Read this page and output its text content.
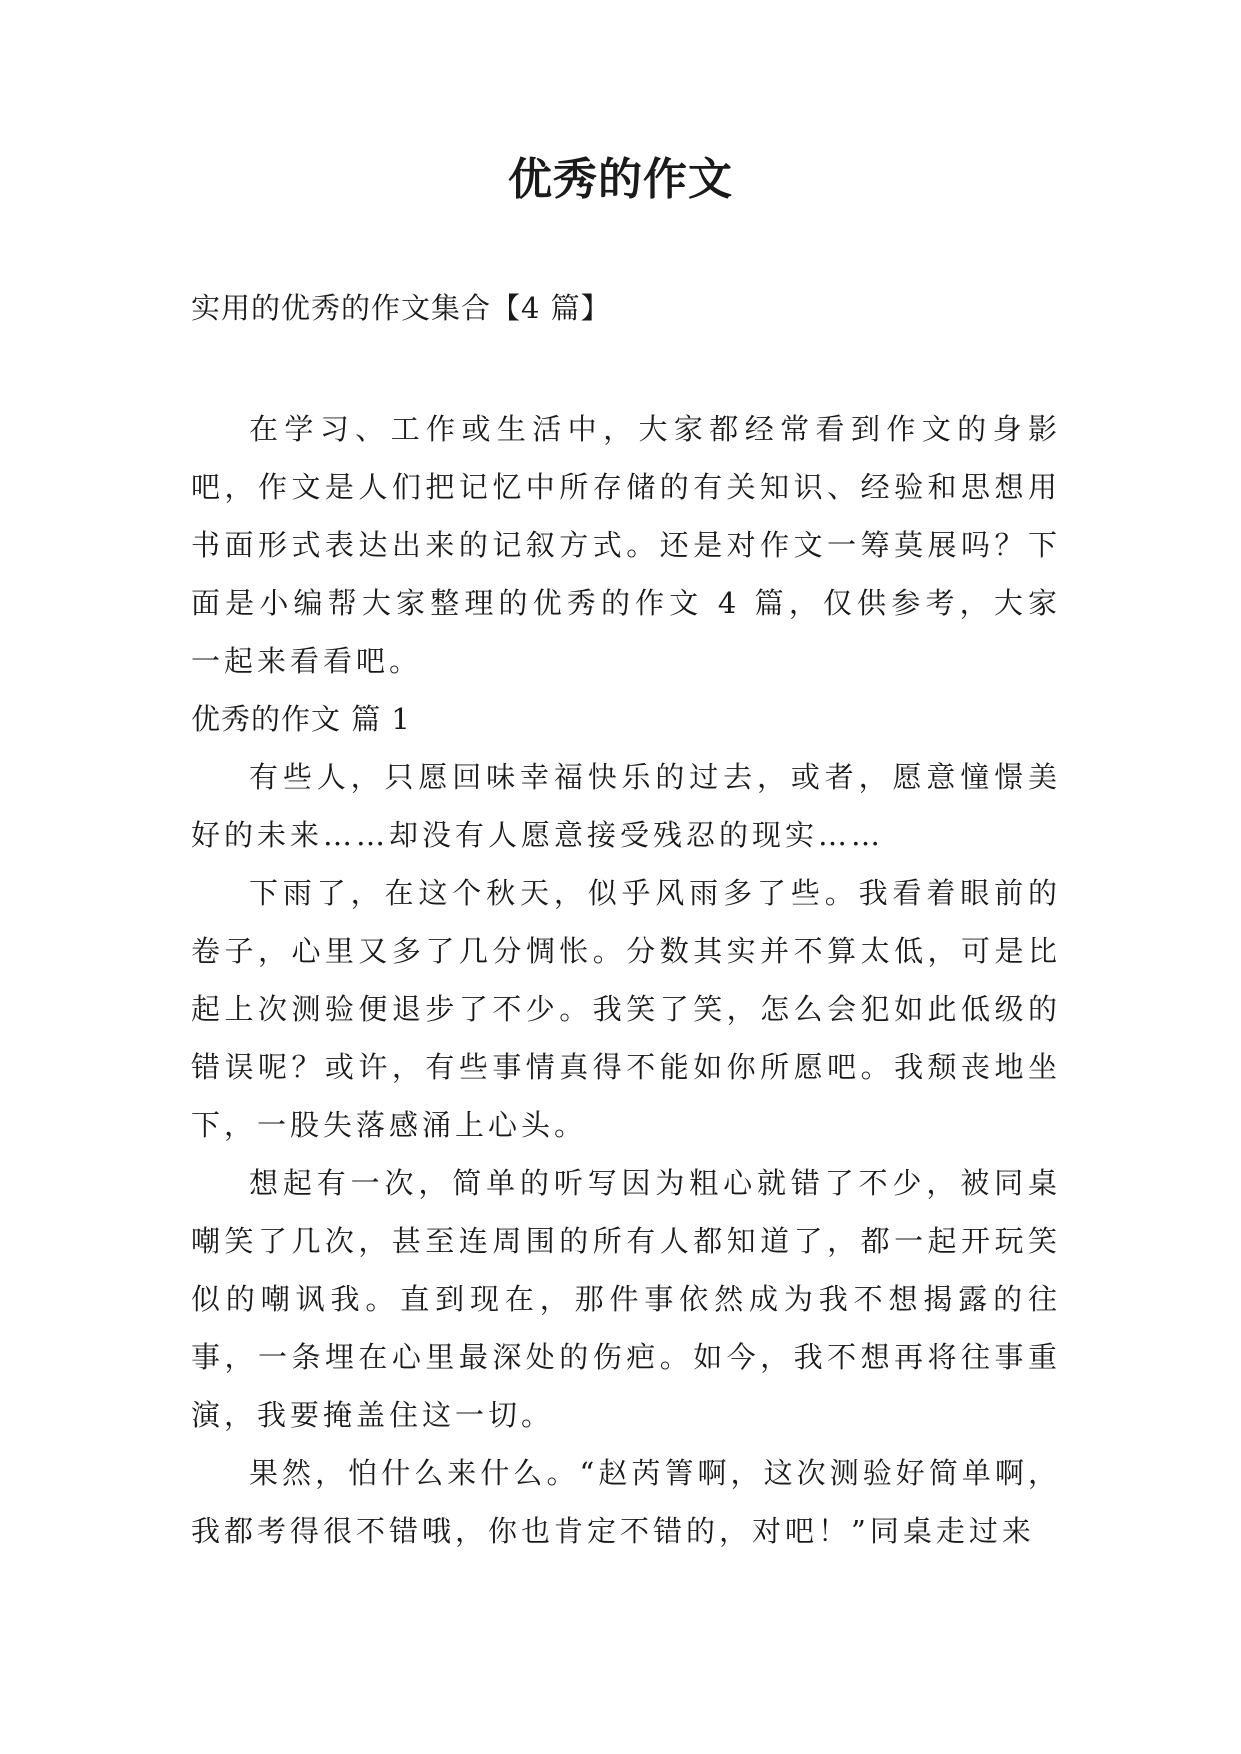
优秀的作文
实用的优秀的作文集合【4 篇】

在学习、工作或生活中，大家都经常看到作文的身影吧，作文是人们把记忆中所存储的有关知识、经验和思想用书面形式表达出来的记叙方式。还是对作文一筹莫展吗？下面是小编帮大家整理的优秀的作文 4 篇，仅供参考，大家一起来看看吧。

优秀的作文 篇 1

有些人，只愿回味幸福快乐的过去，或者，愿意憧憬美好的未来……却没有人愿意接受残忍的现实……

下雨了，在这个秋天，似乎风雨多了些。我看着眼前的卷子，心里又多了几分惆怅。分数其实并不算太低，可是比起上次测验便退步了不少。我笑了笑，怎么会犯如此低级的错误呢？或许，有些事情真得不能如你所愿吧。我颓丧地坐下，一股失落感涌上心头。

想起有一次，简单的听写因为粗心就错了不少，被同桌嘲笑了几次，甚至连周围的所有人都知道了，都一起开玩笑似的嘲讽我。直到现在，那件事依然成为我不想揭露的往事，一条埋在心里最深处的伤疤。如今，我不想再将往事重演，我要掩盖住这一切。

果然，怕什么来什么。“赵芮箐啊，这次测验好简单啊，我都考得很不错哦，你也肯定不错的，对吧！”同桌走过来
